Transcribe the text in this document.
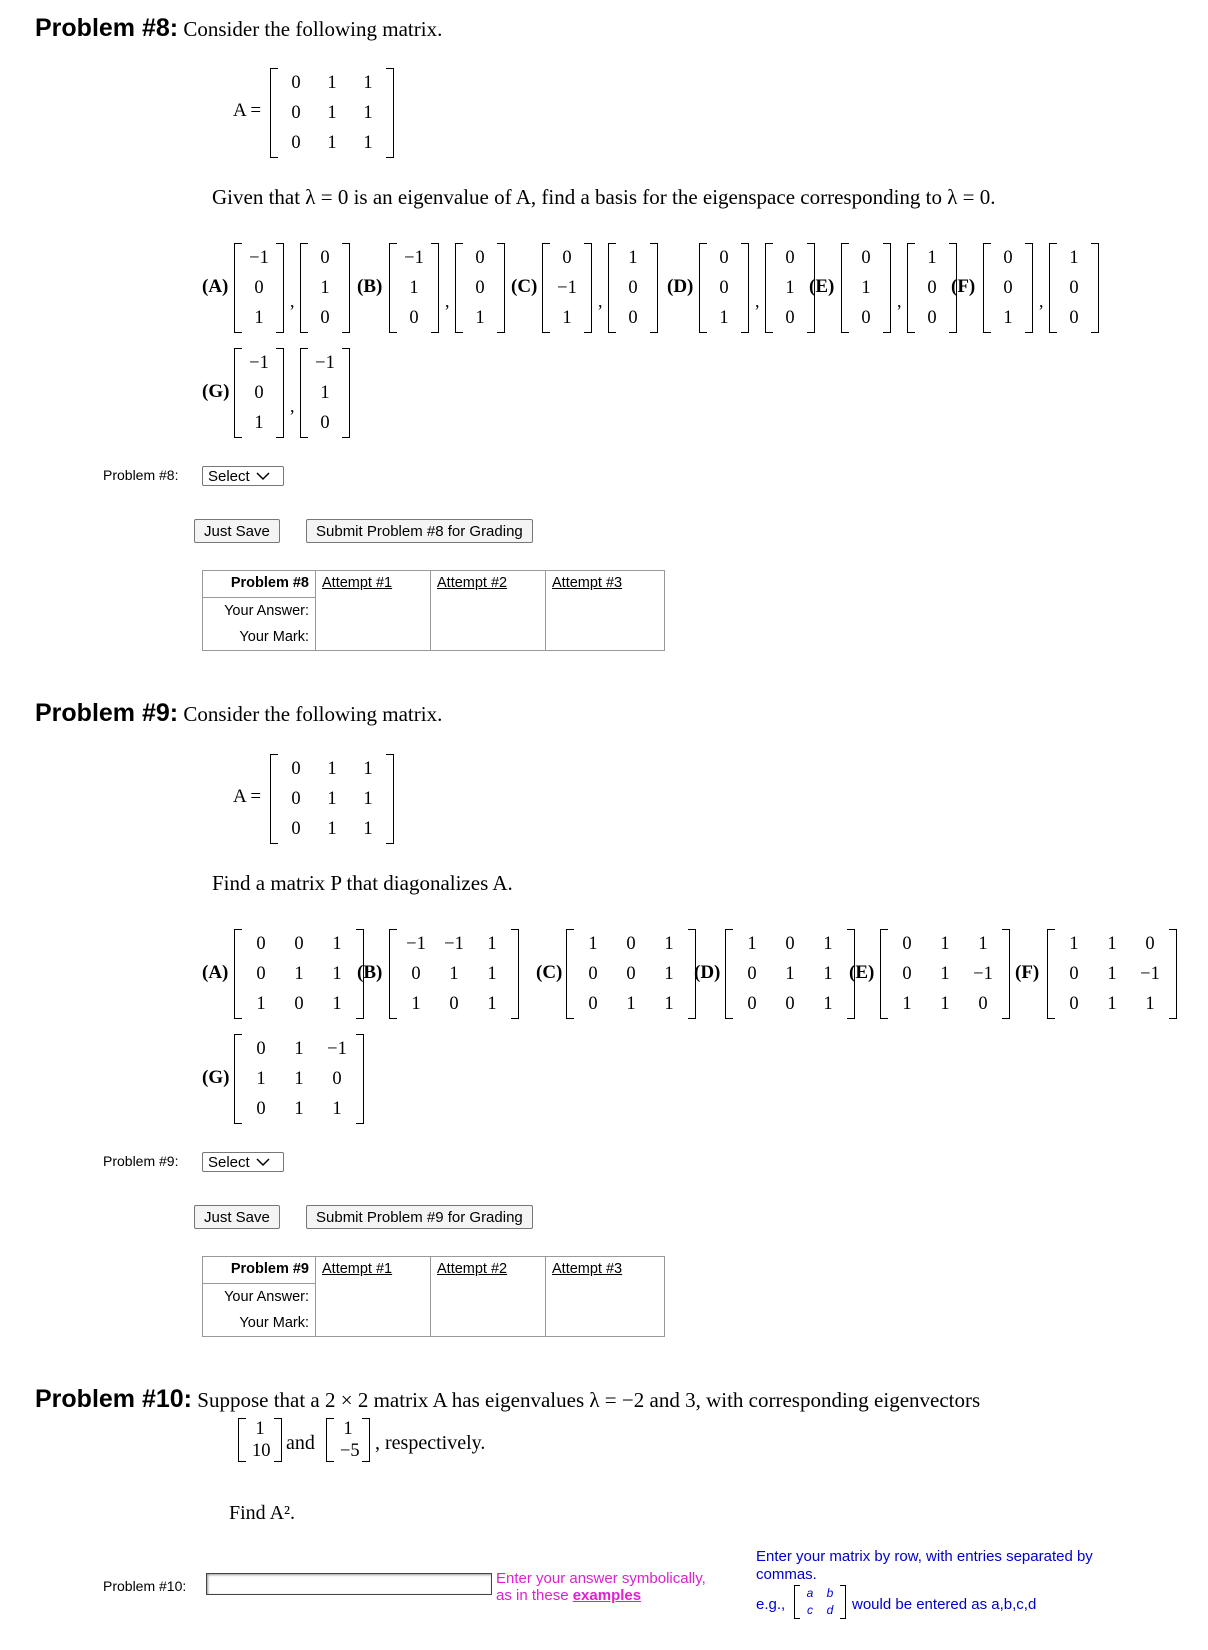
Problem #8: Consider the following matrix.
A =
0	1	1
0	1	1
0	1	1
Given that λ = 0 is an eigenvalue of A, find a basis for the eigenspace corresponding to λ = 0.
(A)
−1
0
1
,
0
1
0
(B)
−1
1
0
,
0
0
1
(C)
0
−1
1
,
1
0
0
(D)
0
0
1
,
0
1
0
(E)
0
1
0
,
1
0
0
(F)
0
0
1
,
1
0
0
(G)
−1
0
1
,
−1
1
0
Problem #8: Select
Just Save	Submit Problem #8 for Grading
Problem #8	Attempt #1	Attempt #2	Attempt #3
Your Answer:
Your Mark:
Problem #9: Consider the following matrix.
A =
0	1	1
0	1	1
0	1	1
Find a matrix P that diagonalizes A.
(A)
0	0	1
0	1	1
1	0	1
(B)
−1 −1	1
0	1	1
1	0	1
(C)
1	0	1
0	0	1
0	1	1
(D)
1	0	1
0	1	1
0	0	1
(E)
0	1	1
0	1	−1
1	1	0
(F)
1	1	0
0	1	−1
0	1	1
(G)
0	1	−1
1	1	0
0	1	1
Problem #9: Select
Just Save	Submit Problem #9 for Grading
Problem #9	Attempt #1	Attempt #2	Attempt #3
Your Answer:
Your Mark:
Problem #10: Suppose that a 2 × 2 matrix A has eigenvalues λ = −2 and 3, with corresponding eigenvectors
1
10 and
1
−5 , respectively.
Find A².
Problem #10:	Enter your answer symbolically,
as in these examples
Enter your matrix by row, with entries separated by
commas.
e.g.,
a	b
c	d	would be entered as a,b,c,d
